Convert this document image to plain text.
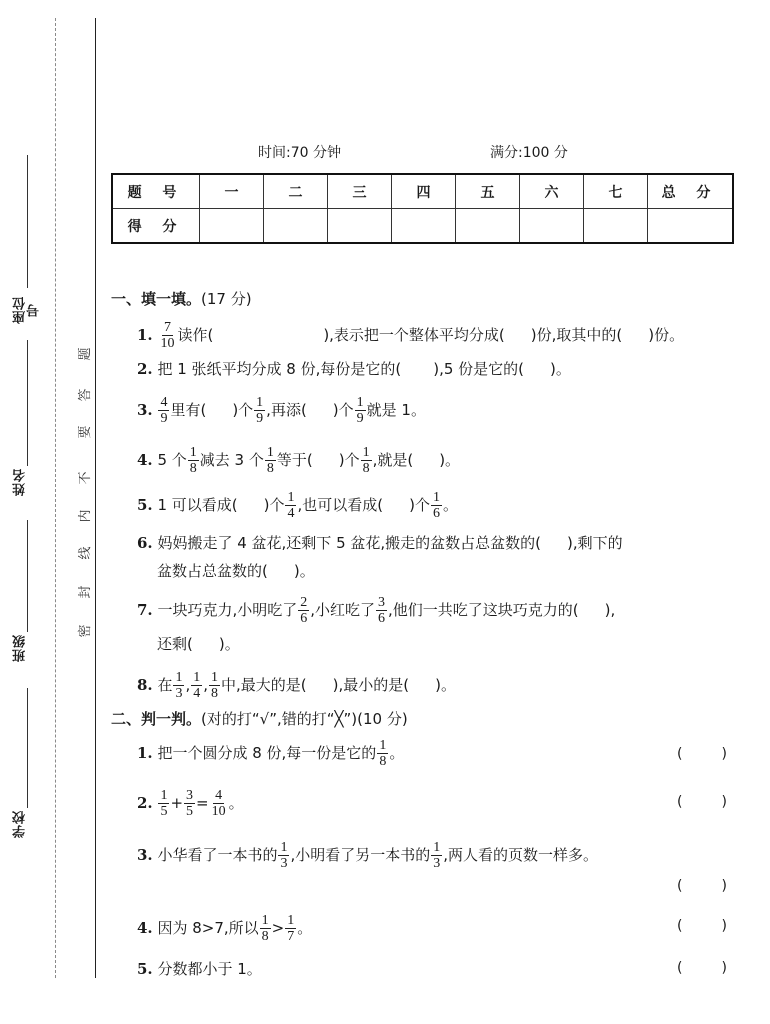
座位号
姓名
班级
学校
密
封
线
内
不
要
答
题
时间:70 分钟	满分:100 分
题 号	一	二	三	四	五	六	七	总 分
得 分								
一、填一填。(17 分)
1. $\frac{7}{10}$ 读作(	),表示把一个整体平均分成( )份,取其中的( )份。
2. 把 1 张纸平均分成 8 份,每份是它的( ),5 份是它的( )。
3. $\frac{4}{9}$ 里有( )个 $\frac{1}{9}$ ,再添( )个 $\frac{1}{9}$ 就是 1。
4. 5 个 $\frac{1}{8}$ 减去 3 个 $\frac{1}{8}$ 等于( )个 $\frac{1}{8}$ ,就是( )。
5. 1 可以看成( )个 $\frac{1}{4}$ ,也可以看成( )个 $\frac{1}{6}$ 。
6. 妈妈搬走了 4 盆花,还剩下 5 盆花,搬走的盆数占总盆数的( ),剩下的
盆数占总盆数的( )。
7. 一块巧克力,小明吃了 $\frac{2}{6}$ ,小红吃了 $\frac{3}{6}$ ,他们一共吃了这块巧克力的( ),
还剩( )。
8. 在 $\frac{1}{3}$ , $\frac{1}{4}$ , $\frac{1}{8}$ 中,最大的是( ),最小的是( )。
二、判一判。(对的打“√”,错的打“╳”)(10 分)
1. 把一个圆分成 8 份,每一份是它的 $\frac{1}{8}$ 。	(	)
2. $\frac{1}{5} + \frac{3}{5} = \frac{4}{10}$ 。	(	)
3. 小华看了一本书的 $\frac{1}{3}$ ,小明看了另一本书的 $\frac{1}{3}$ ,两人看的页数一样多。
(	)
4. 因为 8>7,所以 $\frac{1}{8} > \frac{1}{7}$ 。	(	)
5. 分数都小于 1。	(	)
